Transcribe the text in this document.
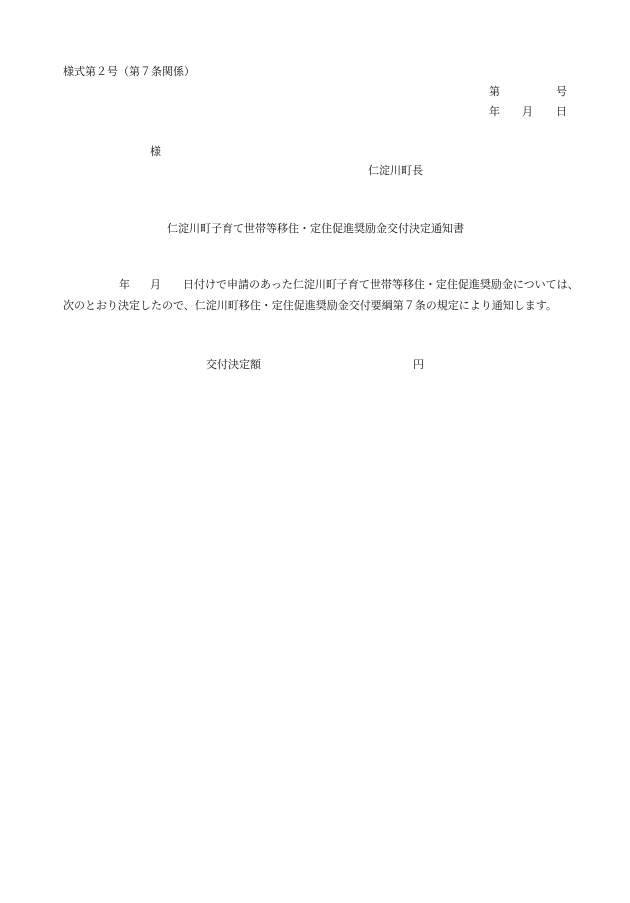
様式第２号（第７条関係）
第	号
年 月 日
様
仁淀川町長
仁淀川町子育て世帯等移住・定住促進奨励金交付決定通知書
年 月 日付けで申請のあった仁淀川町子育て世帯等移住・定住促進奨励金については、
次のとおり決定したので、仁淀川町移住・定住促進奨励金交付要綱第７条の規定により通知します。
交付決定額	円
